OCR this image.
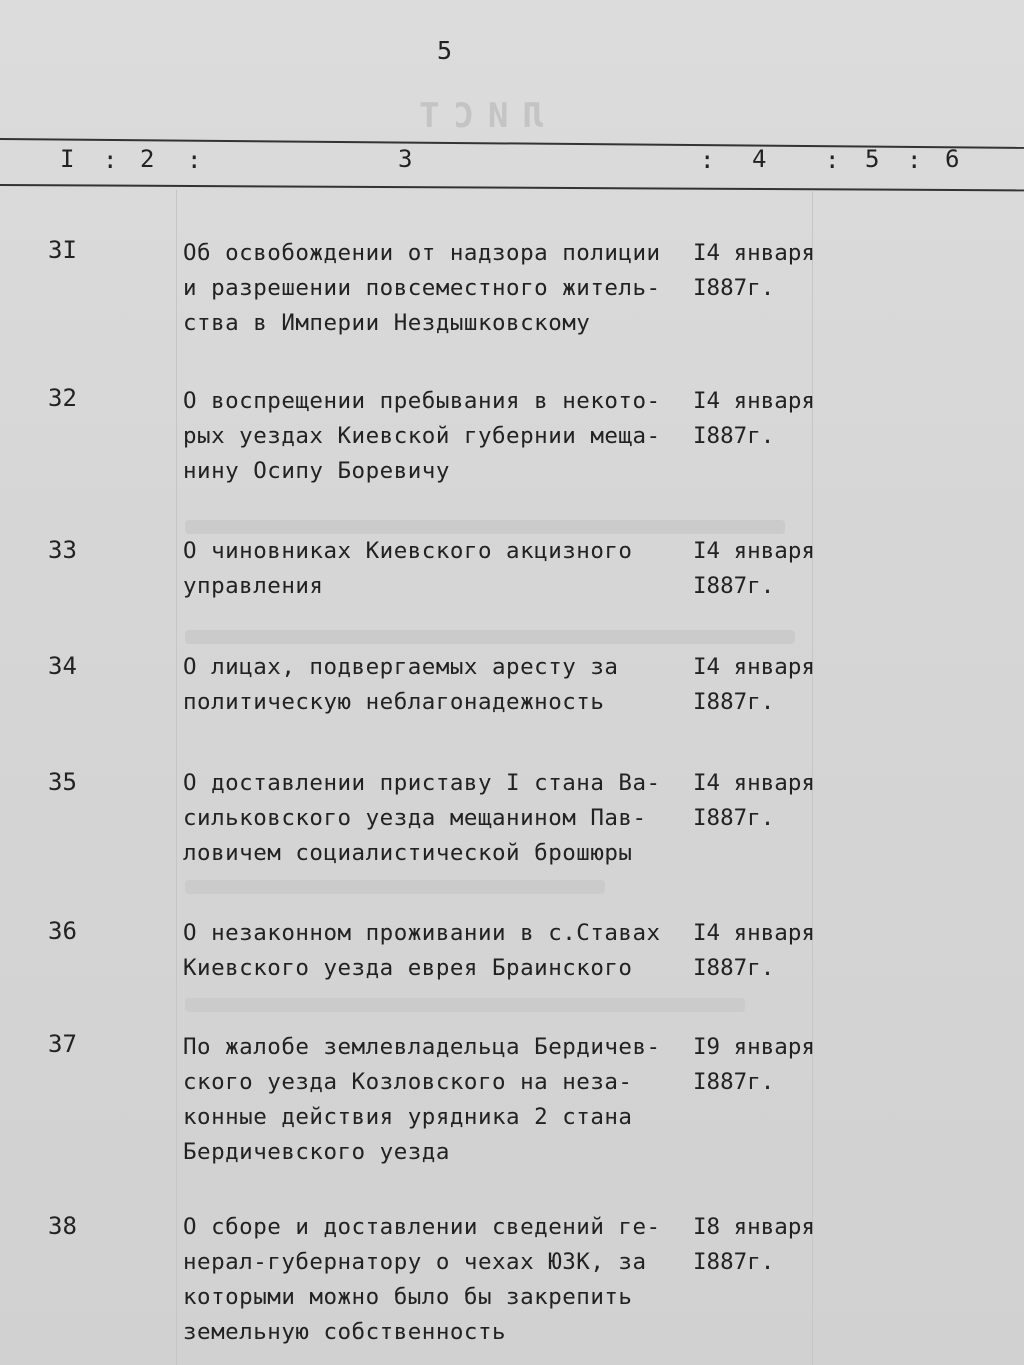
5
ЛИСТ
I : 2 :	3	: 4 : 5 : 6
3I	Об освобождении от надзора полиции
и разрешении повсеместного житель-
ства в Империи Нездышковскому
I4 января
I887г.
32	О воспрещении пребывания в некото-
рых уездах Киевской губернии меща-
нину Осипу Боревичу
I4 января
I887г.
33	О чиновниках Киевского акцизного
управления
I4 января
I887г.
34	О лицах, подвергаемых аресту за
политическую неблагонадежность
I4 января
I887г.
35	О доставлении приставу I стана Ва-
сильковского уезда мещанином Пав-
ловичем социалистической брошюры
I4 января
I887г.
36	О незаконном проживании в с.Ставах
Киевского уезда еврея Браинского
I4 января
I887г.
37	По жалобе землевладельца Бердичев-
ского уезда Козловского на неза-
конные действия урядника 2 стана
Бердичевского уезда
I9 января
I887г.
38	О сборе и доставлении сведений ге-
нерал-губернатору о чехах ЮЗК, за
которыми можно было бы закрепить
земельную собственность
I8 января
I887г.
